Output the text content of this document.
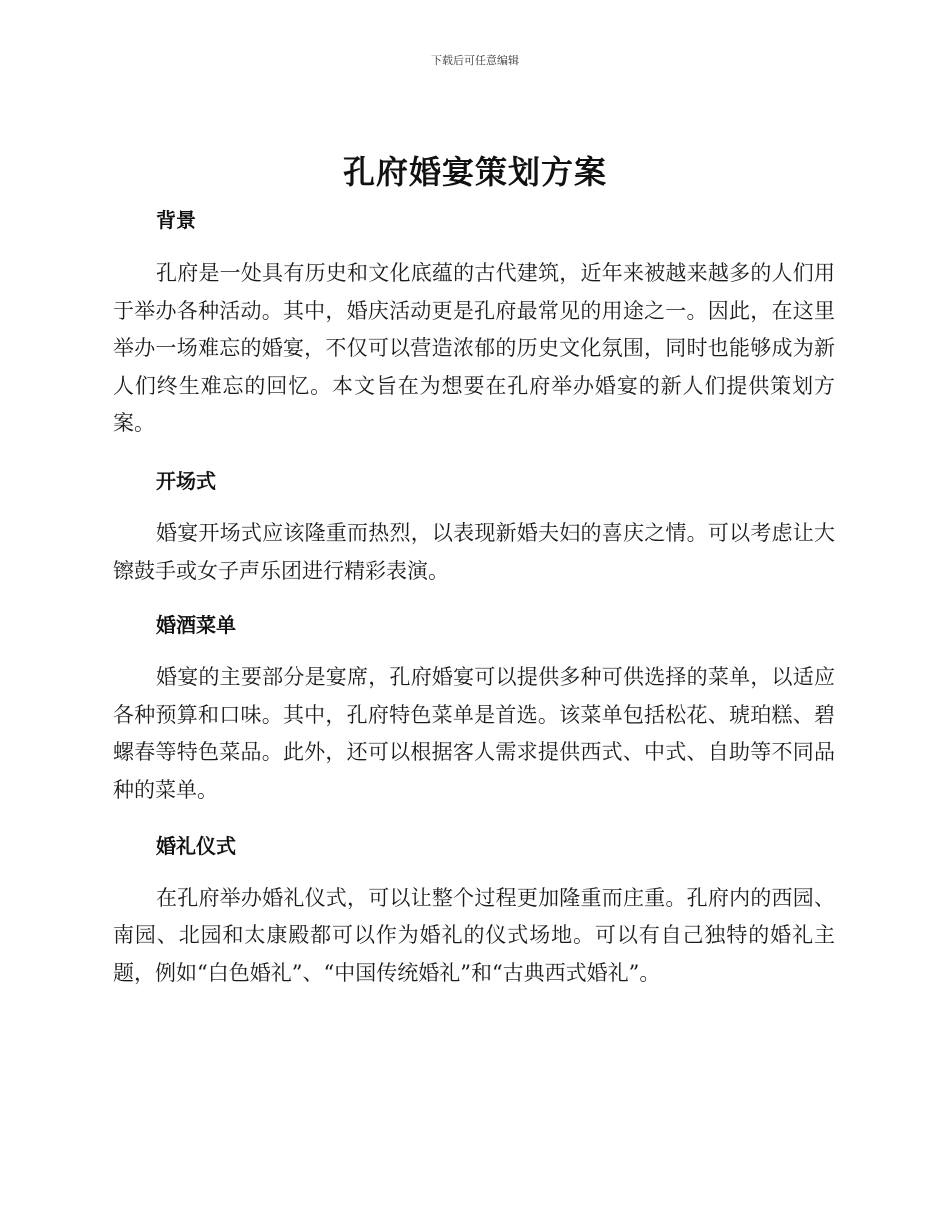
下载后可任意编辑
孔府婚宴策划方案
背景

孔府是一处具有历史和文化底蕴的古代建筑，近年来被越来越多的人们用于举办各种活动。其中，婚庆活动更是孔府最常见的用途之一。因此，在这里举办一场难忘的婚宴，不仅可以营造浓郁的历史文化氛围，同时也能够成为新人们终生难忘的回忆。本文旨在为想要在孔府举办婚宴的新人们提供策划方案。

开场式

婚宴开场式应该隆重而热烈，以表现新婚夫妇的喜庆之情。可以考虑让大镲鼓手或女子声乐团进行精彩表演。

婚酒菜单

婚宴的主要部分是宴席，孔府婚宴可以提供多种可供选择的菜单，以适应各种预算和口味。其中，孔府特色菜单是首选。该菜单包括松花、琥珀糕、碧螺春等特色菜品。此外，还可以根据客人需求提供西式、中式、自助等不同品种的菜单。

婚礼仪式

在孔府举办婚礼仪式，可以让整个过程更加隆重而庄重。孔府内的西园、南园、北园和太康殿都可以作为婚礼的仪式场地。可以有自己独特的婚礼主题，例如“白色婚礼”、“中国传统婚礼”和“古典西式婚礼”。
